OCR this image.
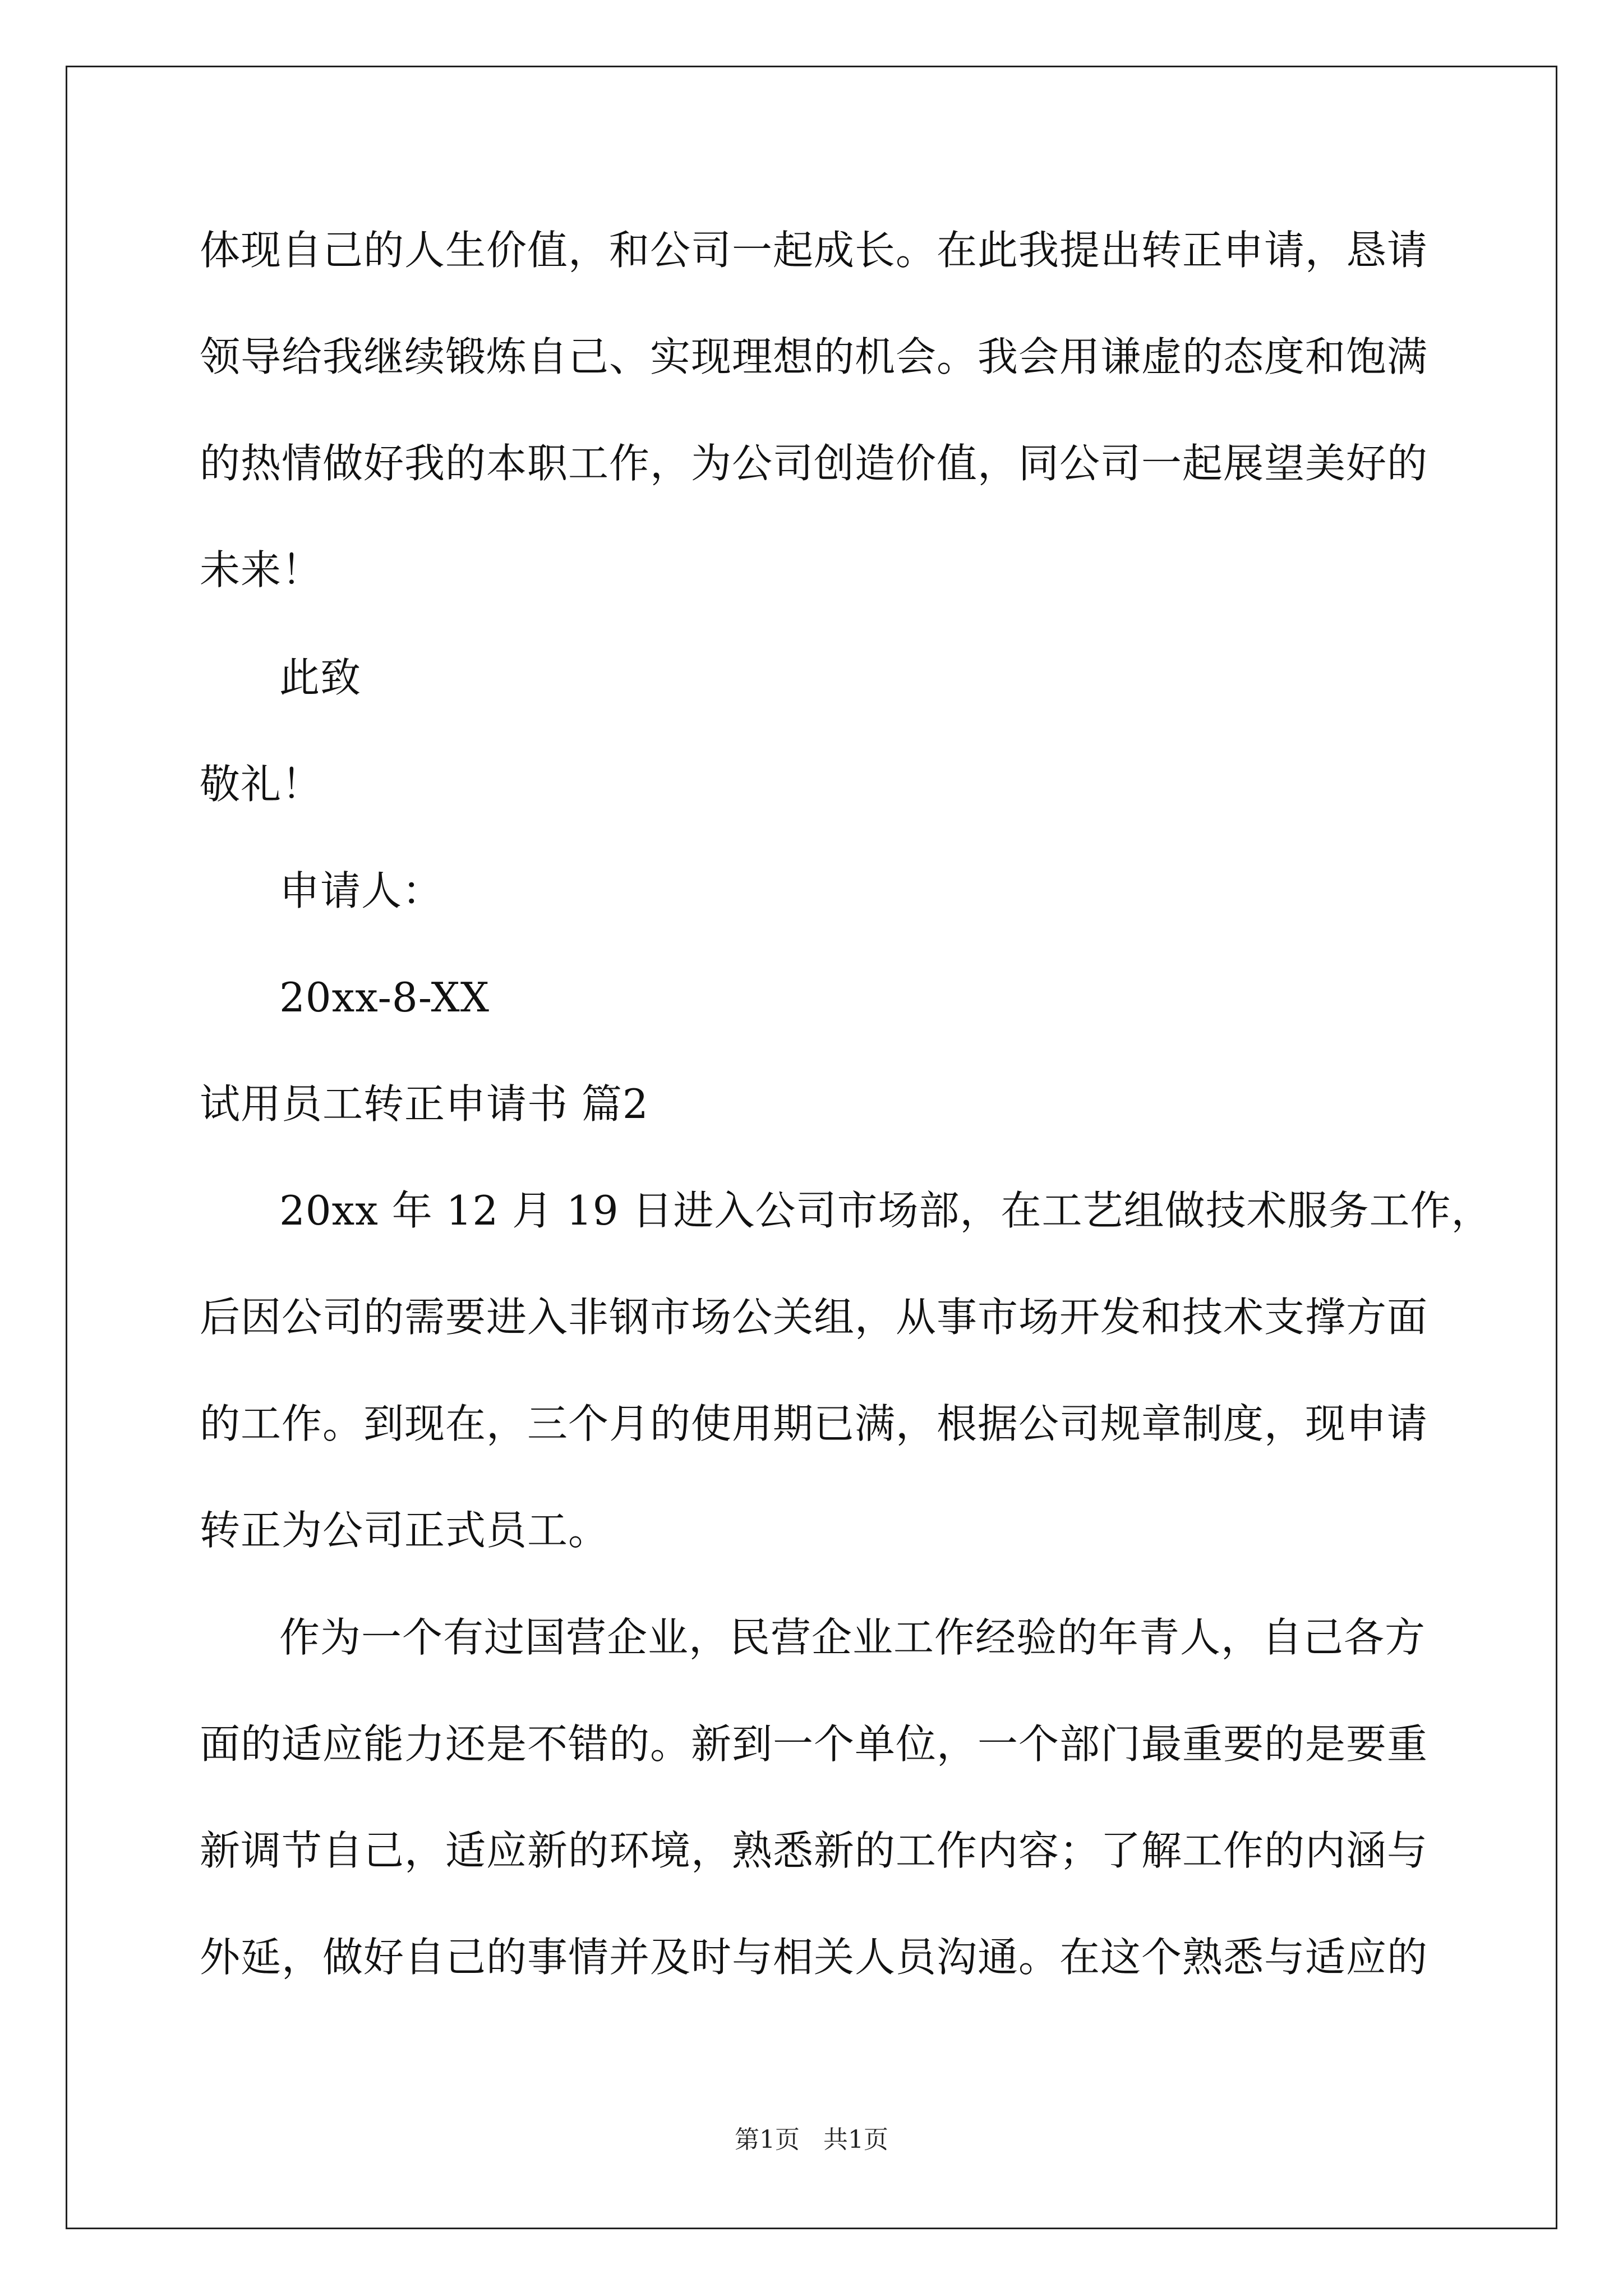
体现自己的人生价值，和公司一起成长。在此我提出转正申请，恳请
领导给我继续锻炼自己、实现理想的机会。我会用谦虚的态度和饱满
的热情做好我的本职工作，为公司创造价值，同公司一起展望美好的
未来！
此致
敬礼！
申请人：
20xx-8-XX
试用员工转正申请书 篇2
20xx 年 12 月 19 日进入公司市场部，在工艺组做技术服务工作，
后因公司的需要进入非钢市场公关组，从事市场开发和技术支撑方面
的工作。到现在，三个月的使用期已满，根据公司规章制度，现申请
转正为公司正式员工。
作为一个有过国营企业，民营企业工作经验的年青人，自己各方
面的适应能力还是不错的。新到一个单位，一个部门最重要的是要重
新调节自己，适应新的环境，熟悉新的工作内容；了解工作的内涵与
外延，做好自己的事情并及时与相关人员沟通。在这个熟悉与适应的
第1页   共1页
